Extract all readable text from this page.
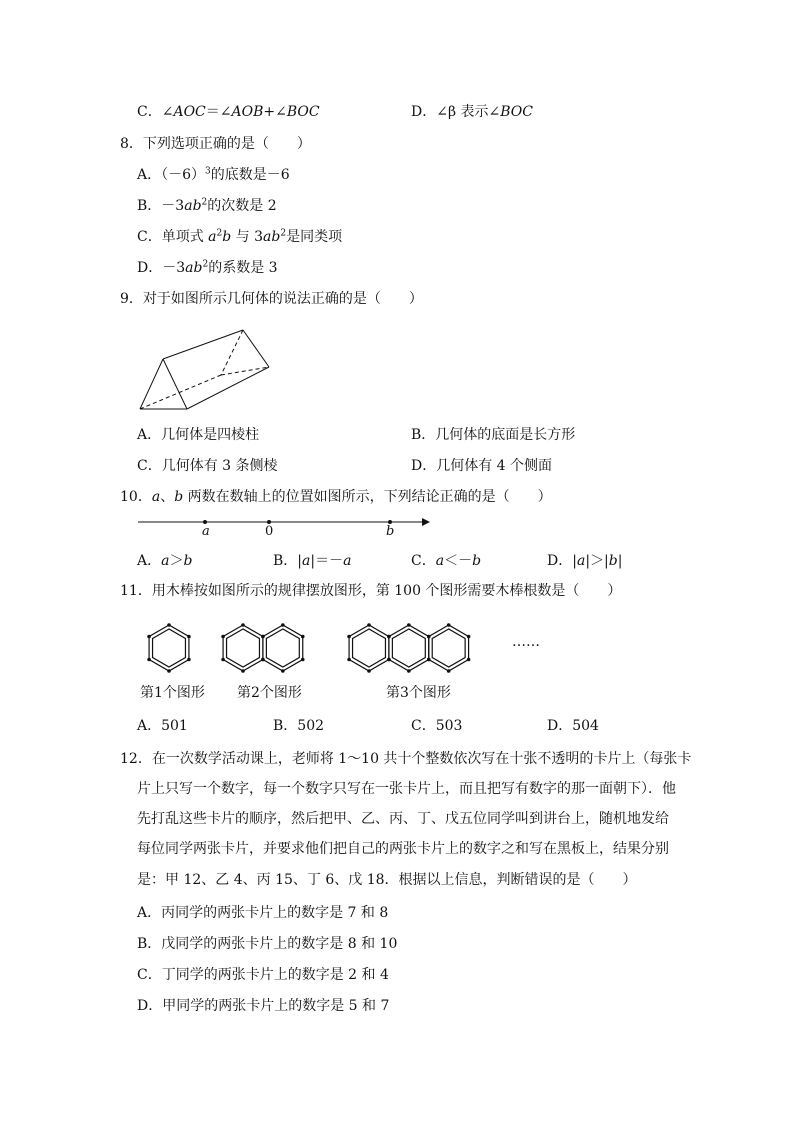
C．∠AOC＝∠AOB+∠BOC	D．∠β 表示∠BOC
8．下列选项正确的是（　　）
A．$(-6)^3$的底数是－6
B．$-3ab^2$的次数是 2
C．单项式 $a^2b$ 与 $3ab^2$是同类项
D．$-3ab^2$的系数是 3
9．对于如图所示几何体的说法正确的是（　　）
A．几何体是四棱柱	B．几何体的底面是长方形
C．几何体有 3 条侧棱	D．几何体有 4 个侧面
10．a、b 两数在数轴上的位置如图所示，下列结论正确的是（　　）
a	0	b
A．a＞b	B．|a|＝－a	C．a＜－b	D．|a|＞|b|
11．用木棒按如图所示的规律摆放图形，第 100 个图形需要木棒根数是（　　）
第1个图形 第2个图形	第3个图形
……
A．501	B．502	C．503	D．504
12．在一次数学活动课上，老师将 1～10 共十个整数依次写在十张不透明的卡片上（每张卡
片上只写一个数字，每一个数字只写在一张卡片上，而且把写有数字的那一面朝下）．他
先打乱这些卡片的顺序，然后把甲、乙、丙、丁、戊五位同学叫到讲台上，随机地发给
每位同学两张卡片，并要求他们把自己的两张卡片上的数字之和写在黑板上，结果分别
是：甲 12、乙 4、丙 15、丁 6、戊 18．根据以上信息，判断错误的是（　　）
A．丙同学的两张卡片上的数字是 7 和 8
B．戊同学的两张卡片上的数字是 8 和 10
C．丁同学的两张卡片上的数字是 2 和 4
D．甲同学的两张卡片上的数字是 5 和 7
